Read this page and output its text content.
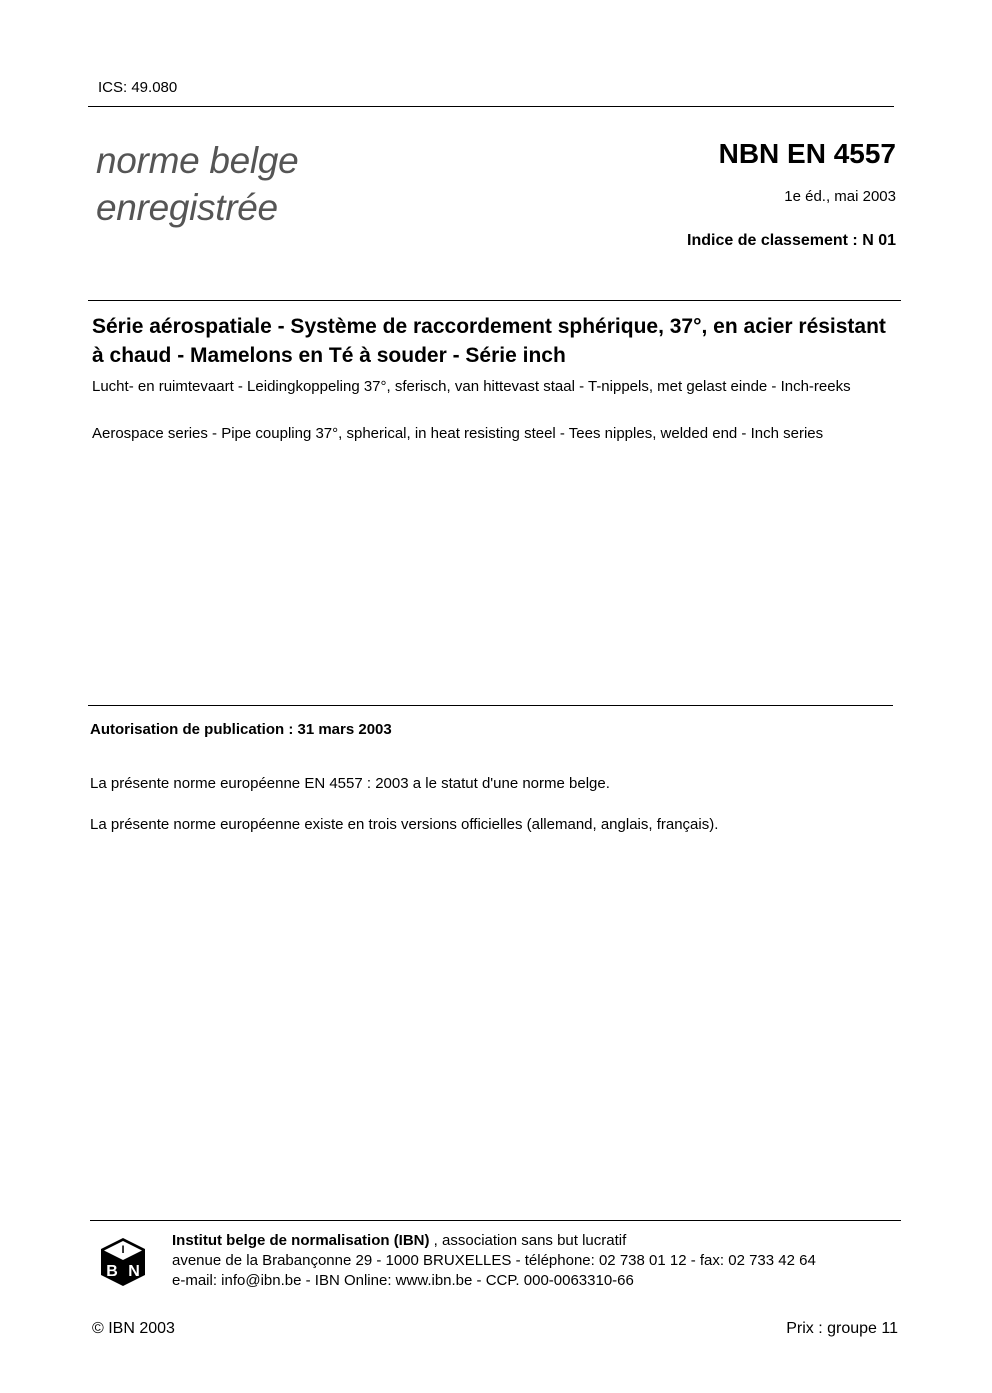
ICS: 49.080
norme belge
enregistrée
NBN EN 4557
1e éd., mai 2003
Indice de classement : N 01
Série aérospatiale - Système de raccordement sphérique, 37°, en acier résistant à chaud - Mamelons en Té à souder - Série inch
Lucht- en ruimtevaart - Leidingkoppeling 37°, sferisch, van hittevast staal - T-nippels, met gelast einde - Inch-reeks
Aerospace series - Pipe coupling 37°, spherical, in heat resisting steel - Tees nipples, welded end - Inch series
Autorisation de publication : 31 mars 2003
La présente norme européenne EN 4557 : 2003 a le statut d'une norme belge.
La présente norme européenne existe en trois versions officielles (allemand, anglais, français).
I
B N
Institut belge de normalisation (IBN) , association sans but lucratif
avenue de la Brabançonne 29 - 1000 BRUXELLES - téléphone: 02 738 01 12 - fax: 02 733 42 64
e-mail: info@ibn.be - IBN Online: www.ibn.be - CCP. 000-0063310-66
© IBN 2003	Prix : groupe 11
